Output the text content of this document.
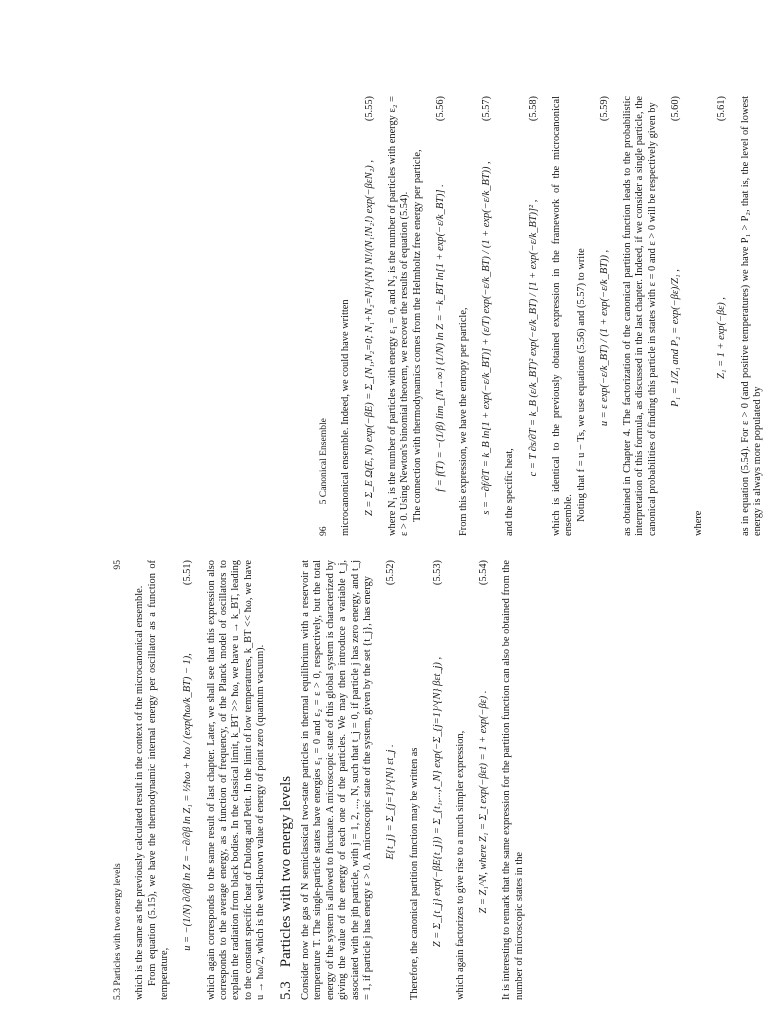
5.3 Particles with two energy levels
95

which is the same as the previously calculated result in the context of the microcanonical ensemble. From equation (5.15), we have the thermodynamic internal energy per oscillator as a function of temperature,

u = −(1/N) ∂/∂β ln Z = −∂/∂β ln Z₁ = ½ħω + ħω / (exp(ħω/k_BT) − 1),
(5.51) which again corresponds to the same result of last chapter. Later, we shall see that this expression also corresponds to the average energy, as a function of frequency, of the Planck model of oscillators to explain the radiation from black bodies. In the classical limit, k_BT >> ħω, we have u → k_BT, leading to the constant specific heat of Dulong and Petit. In the limit of low temperatures, k_BT << ħω, we have u → ħω/2, which is the well-known value of energy of point zero (quantum vacuum). 5.3
Particles with two energy levels Consider now the gas of N semiclassical two-state particles in thermal equilibrium with a reservoir at temperature T. The single-particle states have energies ε₁ = 0 and ε₂ = ε > 0, respectively, but the total energy of the system is allowed to fluctuate. A microscopic state of this global system is characterized by giving the value of the energy of each one of the particles. We may then introduce a variable t_j, associated with the jth particle, with j = 1, 2, ..., N, such that t_j = 0, if particle j has zero energy, and t_j = 1, if particle j has energy ε > 0. A microscopic state of the system, given by the set {t_j}, has energy E{t_j} = Σ_{j=1}^{N} εt_j .
(5.52)

Therefore, the canonical partition function may be written as Z = Σ_{t_j} exp(−βE{t_j}) = Σ_{t₁,...,t_N} exp(−Σ_{j=1}^{N} βεt_j) ,
(5.53)

which again factorizes to give rise to a much simpler expression, Z = Z₁^N, where Z₁ = Σ_t exp(−βεt) = 1 + exp(−βε) .
(5.54) It is interesting to remark that the same expression for the partition function can also be obtained from the number of microscopic states in the

96
5 Canonical Ensemble microcanonical ensemble. Indeed, we could have written Z = Σ_E Ω(E, N) exp(−βE) = Σ_{N₁,N₂=0; N₁+N₂=N}^{N} N!/(N₁!N₂!) exp(−βεN₂) ,
(5.55) where N₁ is the number of particles with energy ε₁ = 0, and N₂ is the number of particles with energy ε₂ = ε > 0. Using Newton's binomial theorem, we recover the results of equation (5.54). The connection with thermodynamics comes from the Helmholtz free energy per particle, f = f(T) = −(1/β) lim_{N→∞} (1/N) ln Z = −k_BT ln[1 + exp(−ε/k_BT)] .
(5.56)

From this expression, we have the entropy per particle, s = −∂f/∂T = k_B ln[1 + exp(−ε/k_BT)] + (ε/T) exp(−ε/k_BT) / (1 + exp(−ε/k_BT)) ,
(5.57)

and the specific heat,

c = T ∂s/∂T = k_B (ε/k_BT)² exp(−ε/k_BT) / [1 + exp(−ε/k_BT)]² ,
(5.58) which is identical to the previously obtained expression in the framework of the microcanonical ensemble. Noting that f = u − Ts, we use equations (5.56) and (5.57) to write u = ε exp(−ε/k_BT) / (1 + exp(−ε/k_BT)) ,
(5.59) as obtained in Chapter 4. The factorization of the canonical partition function leads to the probabilistic interpretation of this formula, as discussed in the last chapter. Indeed, if we consider a single particle, the canonical probabilities of finding this particle in states with ε = 0 and ε > 0 will be respectively given by P₁ = 1/Z₁ and P₂ = exp(−βε)/Z₁ ,
(5.60)

where

Z₁ = 1 + exp(−βε) ,
(5.61) as in equation (5.54). For ε > 0 (and positive temperatures) we have P₁ > P₂, that is, the level of lowest energy is always more populated by
